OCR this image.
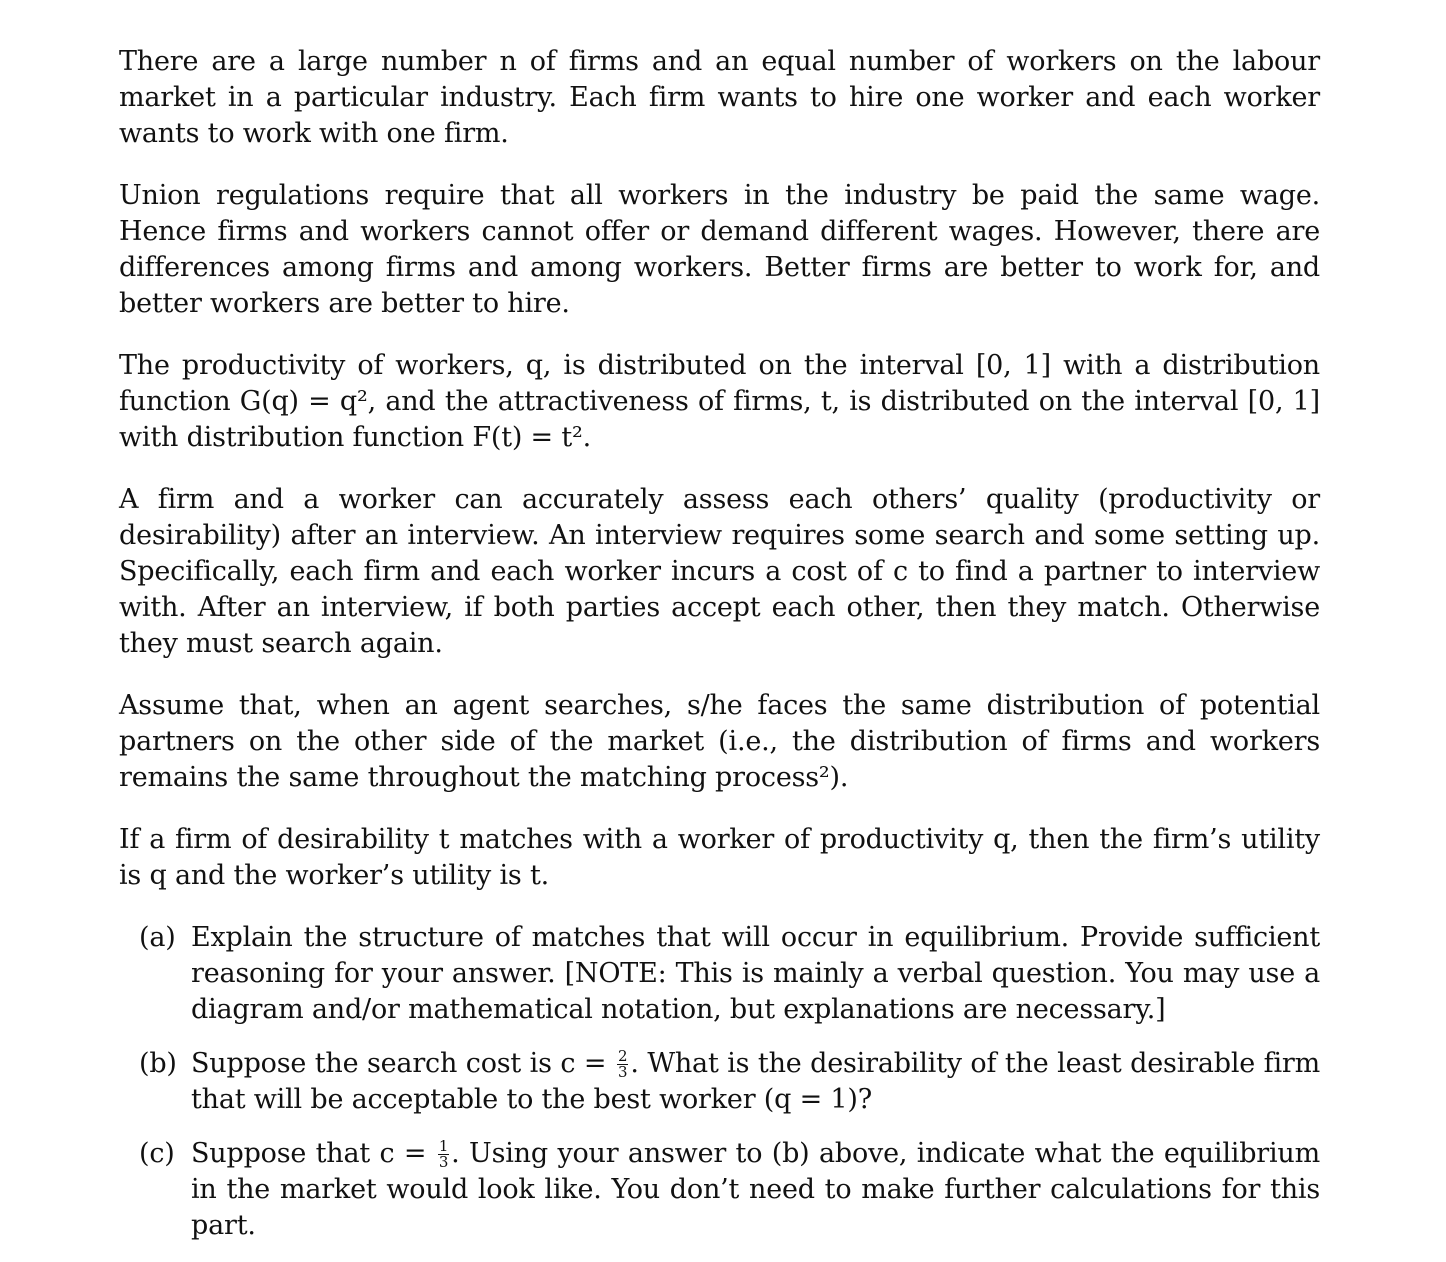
There are a large number n of firms and an equal number of workers on the labour market in a particular industry. Each firm wants to hire one worker and each worker wants to work with one firm.

Union regulations require that all workers in the industry be paid the same wage. Hence firms and workers cannot offer or demand different wages. However, there are differences among firms and among workers. Better firms are better to work for, and better workers are better to hire.

The productivity of workers, q, is distributed on the interval [0, 1] with a distribution function G(q) = q², and the attractiveness of firms, t, is distributed on the interval [0, 1] with distribution function F(t) = t².

A firm and a worker can accurately assess each others’ quality (productivity or desirability) after an interview. An interview requires some search and some setting up. Specifically, each firm and each worker incurs a cost of c to find a partner to interview with. After an interview, if both parties accept each other, then they match. Otherwise they must search again.

Assume that, when an agent searches, s/he faces the same distribution of potential partners on the other side of the market (i.e., the distribution of firms and workers remains the same throughout the matching process²).

If a firm of desirability t matches with a worker of productivity q, then the firm’s utility is q and the worker’s utility is t.

(a) Explain the structure of matches that will occur in equilibrium. Provide sufficient reasoning for your answer. [NOTE: This is mainly a verbal question. You may use a diagram and/or mathematical notation, but explanations are necessary.]
(b) Suppose the search cost is $c = \frac{2}{3}$ . What is the desirability of the least desirable firm that will be acceptable to the best worker (q = 1)?
(c) Suppose that $c = \frac{1}{3}$ . Using your answer to (b) above, indicate what the equilibrium in the market would look like. You don’t need to make further calculations for this part.
